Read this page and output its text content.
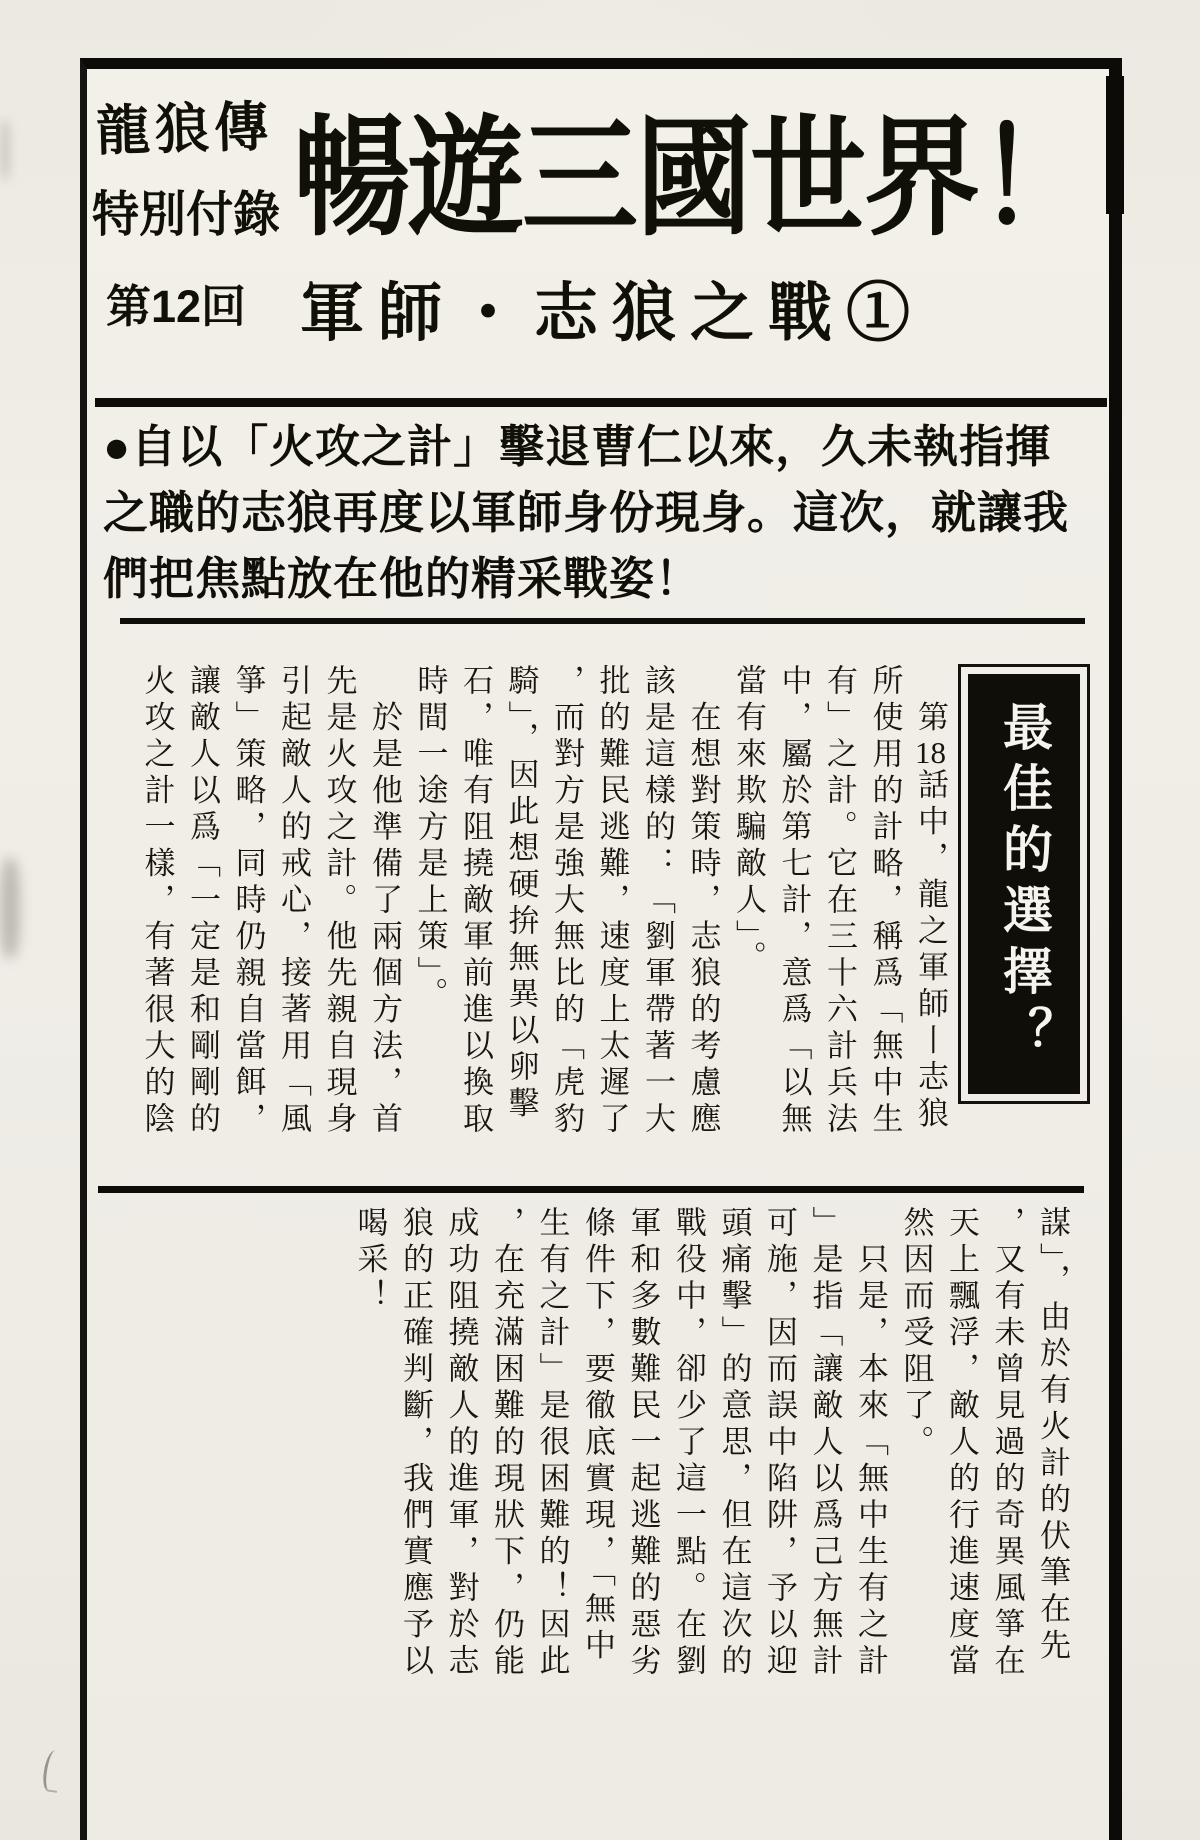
龍狼傳
特別付錄
第12回
暢遊三國世界！
軍師・志狼之戰①
●自以「火攻之計」擊退曹仁以來，久未執指揮
之職的志狼再度以軍師身份現身。這次，就讓我
們把焦點放在他的精采戰姿！
　第18話中，龍之軍師丨志狼
所使用的計略，稱爲「無中生
有」之計。它在三十六計兵法
中，屬於第七計，意爲「以無
當有來欺騙敵人」。
　在想對策時，志狼的考慮應
該是這樣的：「劉軍帶著一大
批的難民逃難，速度上太遲了
，而對方是強大無比的「虎豹
騎」，因此想硬拚無異以卵擊
石，唯有阻撓敵軍前進以換取
時間一途方是上策」。
　於是他準備了兩個方法，首
先是火攻之計。他先親自現身
引起敵人的戒心，接著用「風
箏」策略，同時仍親自當餌，
讓敵人以爲「一定是和剛剛的
火攻之計一樣，有著很大的陰	最佳的選擇？
謀」，由於有火計的伏筆在先
，又有未曾見過的奇異風箏在
天上飄浮，敵人的行進速度當
然因而受阻了。
　只是，本來「無中生有之計
」是指「讓敵人以爲己方無計
可施，因而誤中陷阱，予以迎
頭痛擊」的意思，但在這次的
戰役中，卻少了這一點。在劉
軍和多數難民一起逃難的惡劣
條件下，要徹底實現，「無中
生有之計」是很困難的！因此
，在充滿困難的現狀下，仍能
成功阻撓敵人的進軍，對於志
狼的正確判斷，我們實應予以
喝采！
